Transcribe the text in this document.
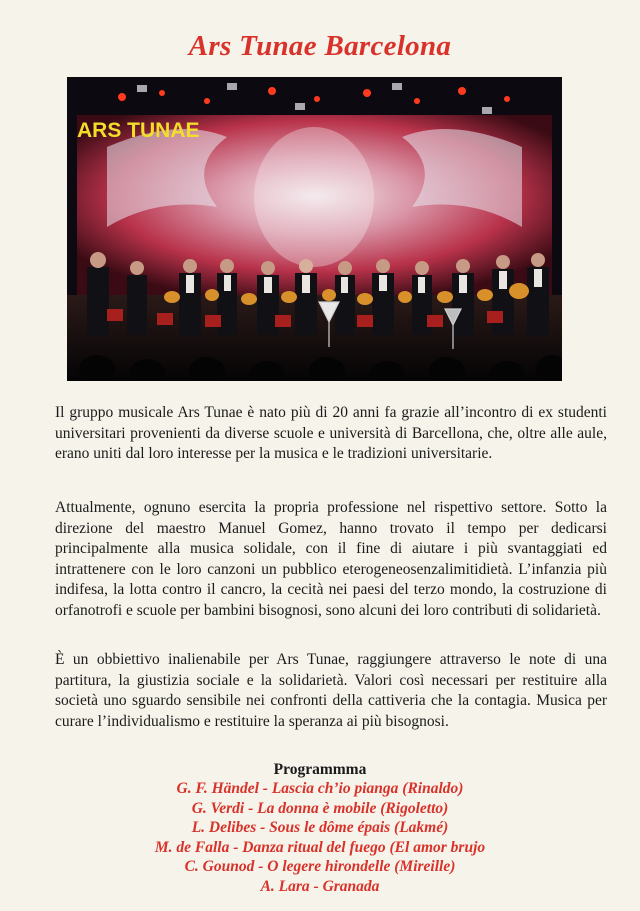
Ars Tunae Barcelona
ARS TUNAE
Il gruppo musicale Ars Tunae è nato più di 20 anni fa grazie all’incontro di ex studenti universitari provenienti da diverse scuole e università di Barcellona, che, oltre alle aule, erano uniti dal loro interesse per la musica e le tradizioni universitarie.
Attualmente, ognuno esercita la propria professione nel rispettivo settore. Sotto la direzione del maestro Manuel Gomez, hanno trovato il tempo per dedicarsi principalmente alla musica solidale, con il fine di aiutare i più svantaggiati ed intrattenere con le loro canzoni un pubblico eterogeneosenzalimitidietà. L’infanzia più indifesa, la lotta contro il cancro, la cecità nei paesi del terzo mondo, la costruzione di orfanotrofi e scuole per bambini bisognosi, sono alcuni dei loro contributi di solidarietà.
È un obbiettivo inalienabile per Ars Tunae, raggiungere attraverso le note di una partitura, la giustizia sociale e la solidarietà. Valori così necessari per restituire alla società uno sguardo sensibile nei confronti della cattiveria che la contagia. Musica per curare l’individualismo e restituire la speranza ai più bisognosi.
Programmma
G. F. Händel - Lascia ch’io pianga (Rinaldo)
G. Verdi - La donna è mobile (Rigoletto)
L. Delibes - Sous le dôme épais (Lakmé)
M. de Falla - Danza ritual del fuego (El amor brujo
C. Gounod - O legere hirondelle (Mireille)
A. Lara - Granada
